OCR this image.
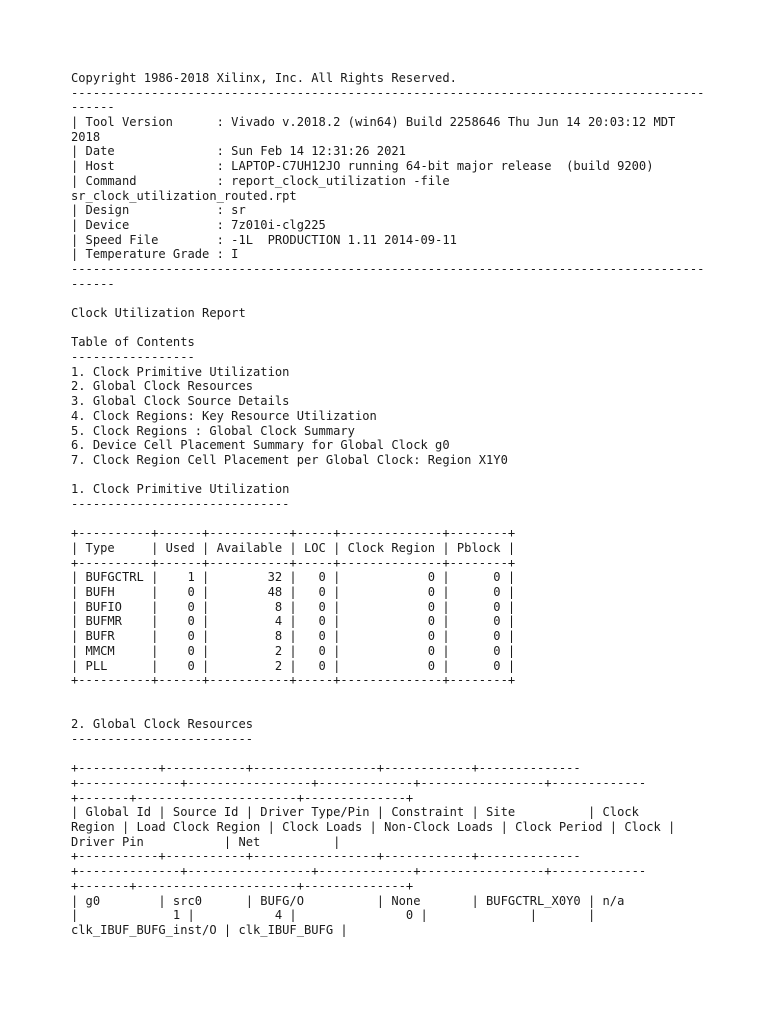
Copyright 1986-2018 Xilinx, Inc. All Rights Reserved.
---------------------------------------------------------------------------------------
------
| Tool Version      : Vivado v.2018.2 (win64) Build 2258646 Thu Jun 14 20:03:12 MDT
2018
| Date              : Sun Feb 14 12:31:26 2021
| Host              : LAPTOP-C7UH12JO running 64-bit major release  (build 9200)
| Command           : report_clock_utilization -file
sr_clock_utilization_routed.rpt
| Design            : sr
| Device            : 7z010i-clg225
| Speed File        : -1L  PRODUCTION 1.11 2014-09-11
| Temperature Grade : I
---------------------------------------------------------------------------------------
------

Clock Utilization Report

Table of Contents
-----------------
1. Clock Primitive Utilization
2. Global Clock Resources
3. Global Clock Source Details
4. Clock Regions: Key Resource Utilization
5. Clock Regions : Global Clock Summary
6. Device Cell Placement Summary for Global Clock g0
7. Clock Region Cell Placement per Global Clock: Region X1Y0

1. Clock Primitive Utilization
------------------------------

+----------+------+-----------+-----+--------------+--------+
| Type     | Used | Available | LOC | Clock Region | Pblock |
+----------+------+-----------+-----+--------------+--------+
| BUFGCTRL |    1 |        32 |   0 |            0 |      0 |
| BUFH     |    0 |        48 |   0 |            0 |      0 |
| BUFIO    |    0 |         8 |   0 |            0 |      0 |
| BUFMR    |    0 |         4 |   0 |            0 |      0 |
| BUFR     |    0 |         8 |   0 |            0 |      0 |
| MMCM     |    0 |         2 |   0 |            0 |      0 |
| PLL      |    0 |         2 |   0 |            0 |      0 |
+----------+------+-----------+-----+--------------+--------+

2. Global Clock Resources
-------------------------

+-----------+-----------+-----------------+------------+--------------
+--------------+-----------------+-------------+-----------------+-------------
+-------+----------------------+--------------+
| Global Id | Source Id | Driver Type/Pin | Constraint | Site          | Clock
Region | Load Clock Region | Clock Loads | Non-Clock Loads | Clock Period | Clock |
Driver Pin           | Net          |
+-----------+-----------+-----------------+------------+--------------
+--------------+-----------------+-------------+-----------------+-------------
+-------+----------------------+--------------+
| g0        | src0      | BUFG/O          | None       | BUFGCTRL_X0Y0 | n/a
|             1 |           4 |               0 |              |       |
clk_IBUF_BUFG_inst/O | clk_IBUF_BUFG |
